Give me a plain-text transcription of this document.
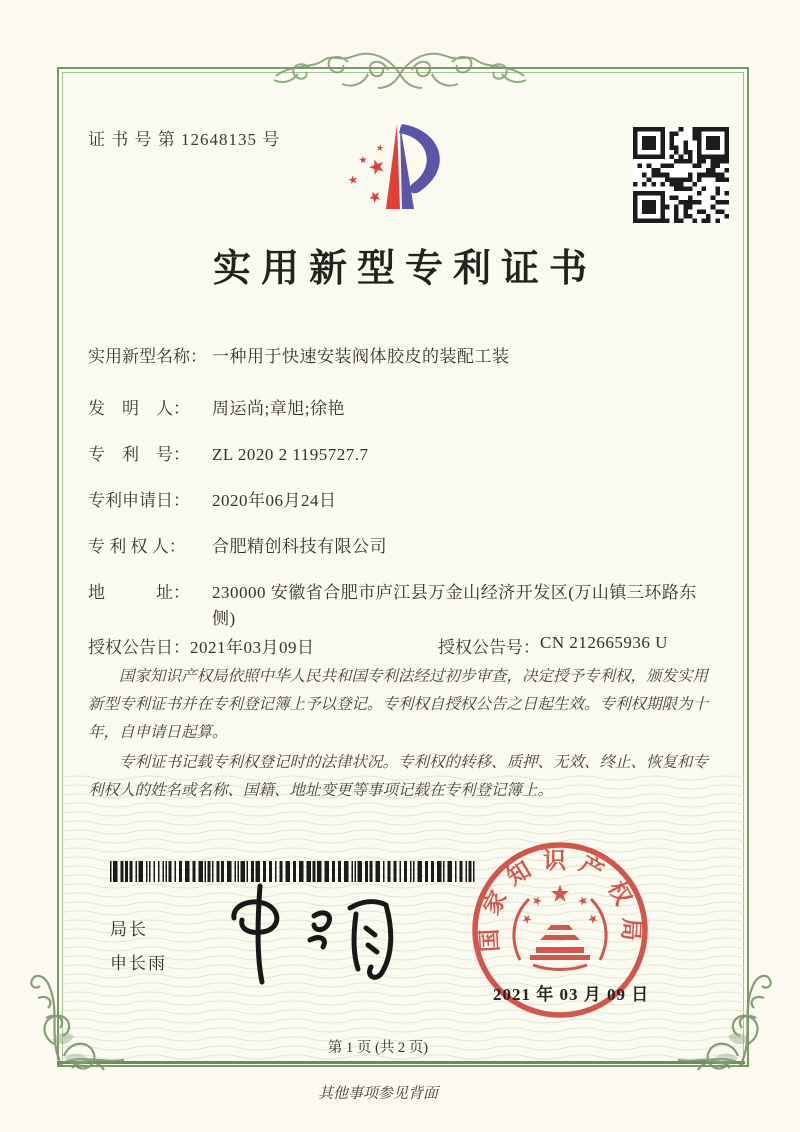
证 书 号 第 12648135 号
实用新型专利证书
实用新型名称： 一种用于快速安装阀体胶皮的装配工装
发　明　人：	周运尚;章旭;徐艳
专　利　号：	ZL 2020 2 1195727.7
专利申请日：	2020年06月24日
专 利 权 人：	合肥精创科技有限公司
地　　　址：	230000 安徽省合肥市庐江县万金山经济开发区(万山镇三环路东侧)
授权公告日： 2021年03月09日	授权公告号： CN 212665936 U

国家知识产权局依照中华人民共和国专利法经过初步审查，决定授予专利权，颁发实用新型专利证书并在专利登记簿上予以登记。专利权自授权公告之日起生效。专利权期限为十年，自申请日起算。

专利证书记载专利权登记时的法律状况。专利权的转移、质押、无效、终止、恢复和专利权人的姓名或名称、国籍、地址变更等事项记载在专利登记簿上。

局长
申长雨
国家知识产权局
2021 年 03 月 09 日
第 1 页 (共 2 页)
其他事项参见背面
